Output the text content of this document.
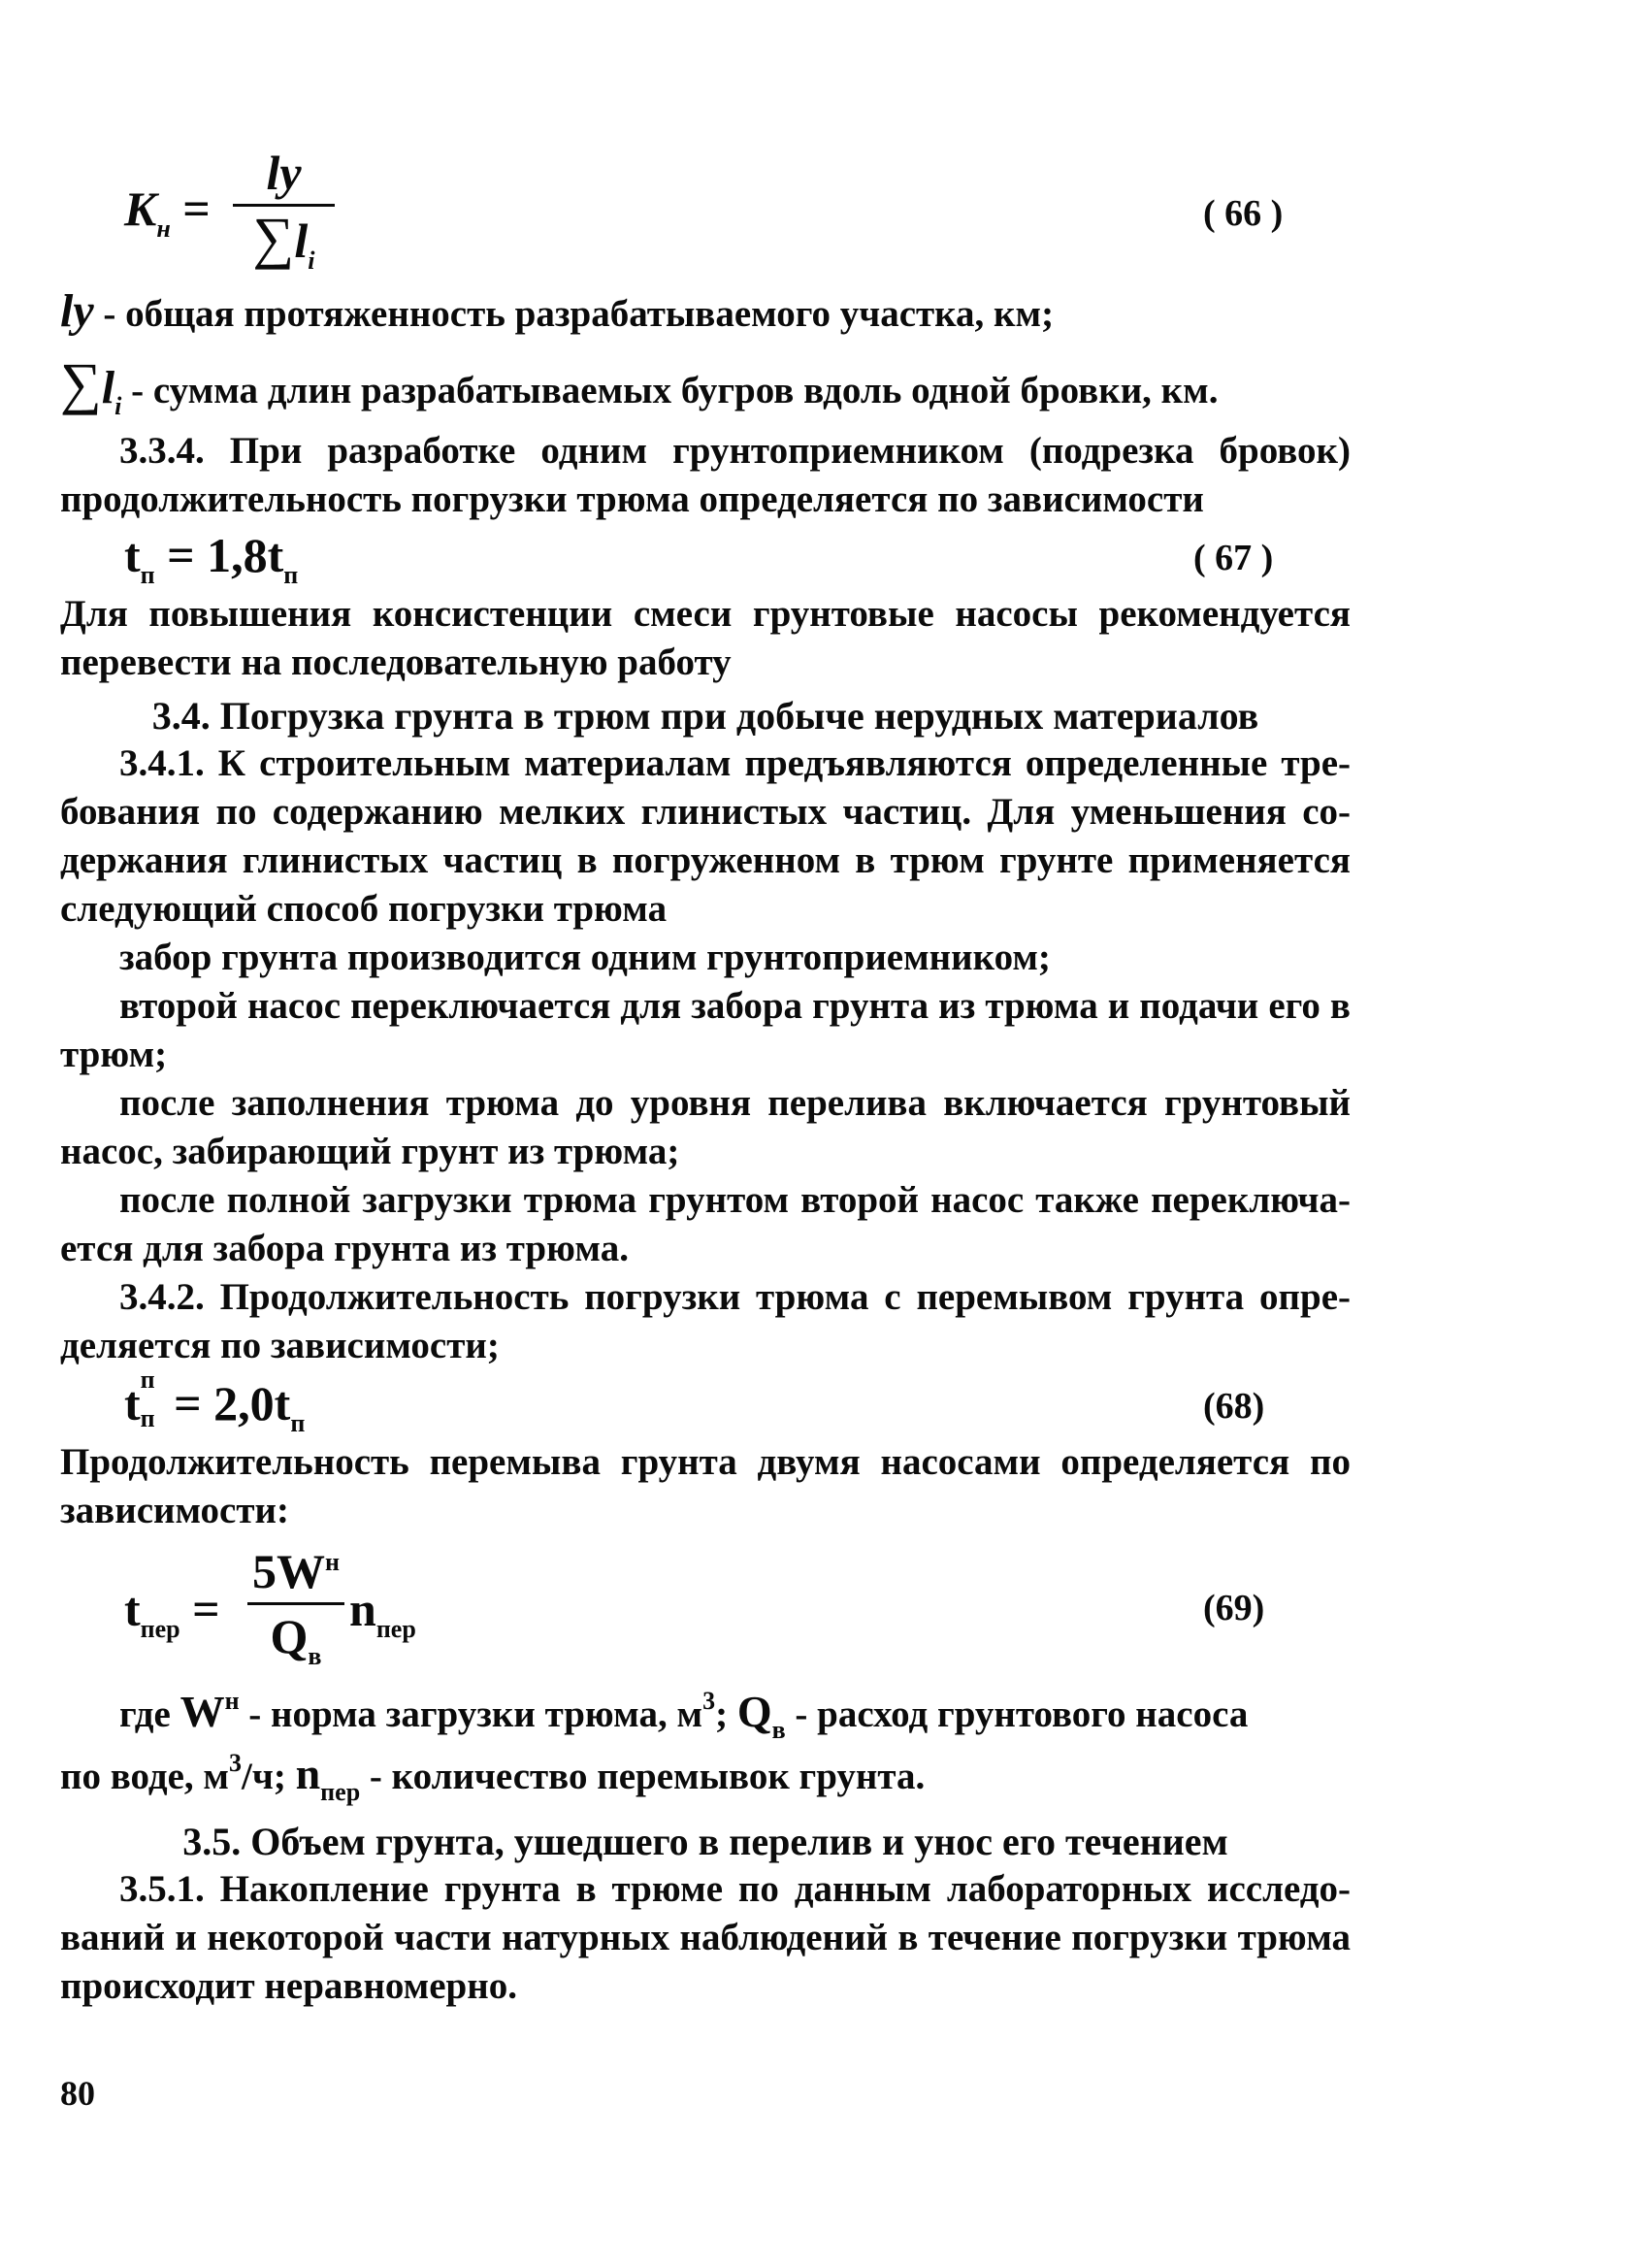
$K_н$ =
ly
$\sum l_i$
( 66 )
ly - общая протяженность разрабатываемого участка, км;
$\sum l_i$ - сумма длин разрабатываемых бугров вдоль одной бровки, км.
3.3.4. При разработке одним грунтоприемником (подрезка бровок)
продолжительность погрузки трюма определяется по зависимости
$t_п = 1,8t_п$	( 67 )
Для повышения консистенции смеси грунтовые насосы рекомендуется
перевести на последовательную работу
3.4. Погрузка грунта в трюм при добыче нерудных материалов
3.4.1. К строительным материалам предъявляются определенные тре-
бования по содержанию мелких глинистых частиц. Для уменьшения со-
держания глинистых частиц в погруженном в трюм грунте применяется
следующий способ погрузки трюма
забор грунта производится одним грунтоприемником;
второй насос переключается для забора грунта из трюма и подачи его в
трюм;
после заполнения трюма до уровня перелива включается грунтовый
насос, забирающий грунт из трюма;
после полной загрузки трюма грунтом второй насос также переключа-
ется для забора грунта из трюма.
3.4.2. Продолжительность погрузки трюма с перемывом грунта опре-
деляется по зависимости;
t п
$п = 2,0t_п$	(68)
Продолжительность перемыва грунта двумя насосами определяется по
зависимости:
$t_{пер}$ =
$5W^н$
$Q_в$
$n_{пер}$
(69)
где $W^н$ - норма загрузки трюма, $м^3$; $Q_в$ - расход грунтового насоса
по воде, $м^3/ч$; $n_{пер}$ - количество перемывок грунта.
3.5. Объем грунта, ушедшего в перелив и унос его течением
3.5.1. Накопление грунта в трюме по данным лабораторных исследо-
ваний и некоторой части натурных наблюдений в течение погрузки трюма
происходит неравномерно.
80
